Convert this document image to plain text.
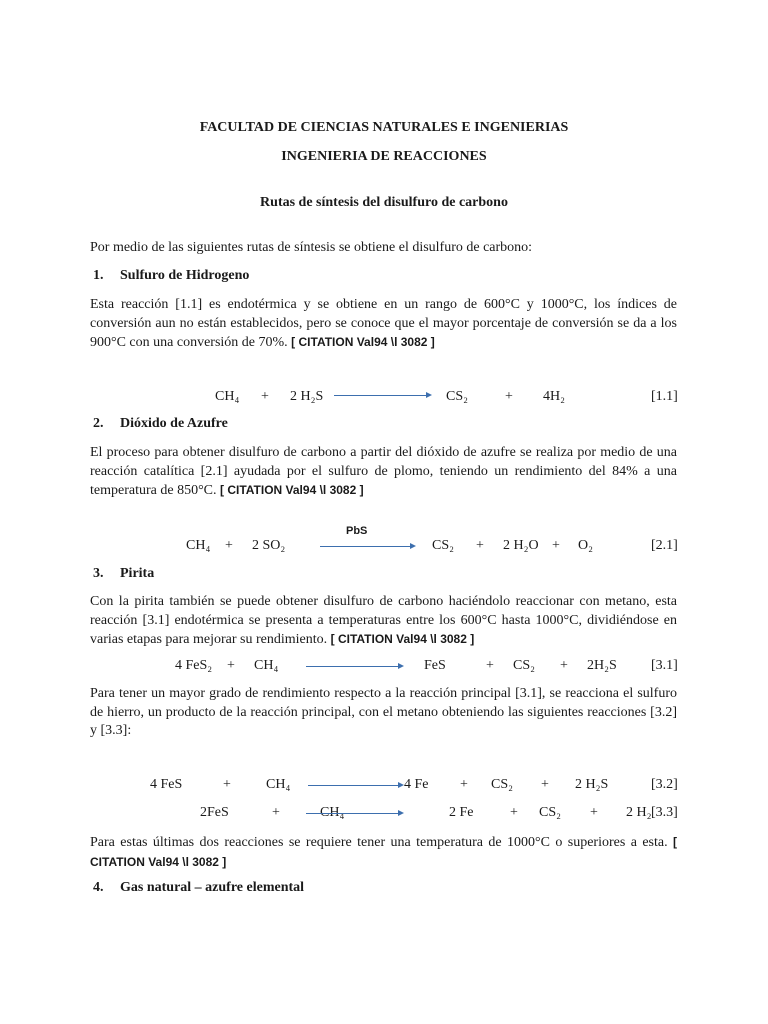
FACULTAD DE CIENCIAS NATURALES E INGENIERIAS
INGENIERIA DE REACCIONES
Rutas de síntesis del disulfuro de carbono
Por medio de las siguientes rutas de síntesis se obtiene el disulfuro de carbono:
1. Sulfuro de Hidrogeno
Esta reacción [1.1] es endotérmica y se obtiene en un rango de 600°C y 1000°C, los índices de conversión aun no están establecidos, pero se conoce que el mayor porcentaje de conversión se da a los 900°C con una conversión de 70%. [ CITATION Val94 \l 3082 ]
CH₄ + 2 H₂S	CS₂	+ 4H₂	[1.1]
2. Dióxido de Azufre
El proceso para obtener disulfuro de carbono a partir del dióxido de azufre se realiza por medio de una reacción catalítica [2.1] ayudada por el sulfuro de plomo, teniendo un rendimiento del 84% a una temperatura de 850°C. [ CITATION Val94 \l 3082 ]
CH₄ + 2 SO₂
PbS
CS₂ + 2 H₂O + O₂	[2.1]
3. Pirita
Con la pirita también se puede obtener disulfuro de carbono haciéndolo reaccionar con metano, esta reacción [3.1] endotérmica se presenta a temperaturas entre los 600°C hasta 1000°C, dividiéndose en varias etapas para mejorar su rendimiento. [ CITATION Val94 \l 3082 ]
4 FeS₂ + CH₄	FeS	+ CS₂ + 2H₂S [3.1]
Para tener un mayor grado de rendimiento respecto a la reacción principal [3.1], se reacciona el sulfuro de hierro, un producto de la reacción principal, con el metano obteniendo las siguientes reacciones [3.2] y [3.3]:
4 FeS	+	CH₄	4 Fe + CS₂ + 2 H₂S	[3.2]
2FeS	+	CH₄	2 Fe	+ CS₂ + 2 H₂ [3.3]
Para estas últimas dos reacciones se requiere tener una temperatura de 1000°C o superiores a esta. [ CITATION Val94 \l 3082 ]
4. Gas natural – azufre elemental
